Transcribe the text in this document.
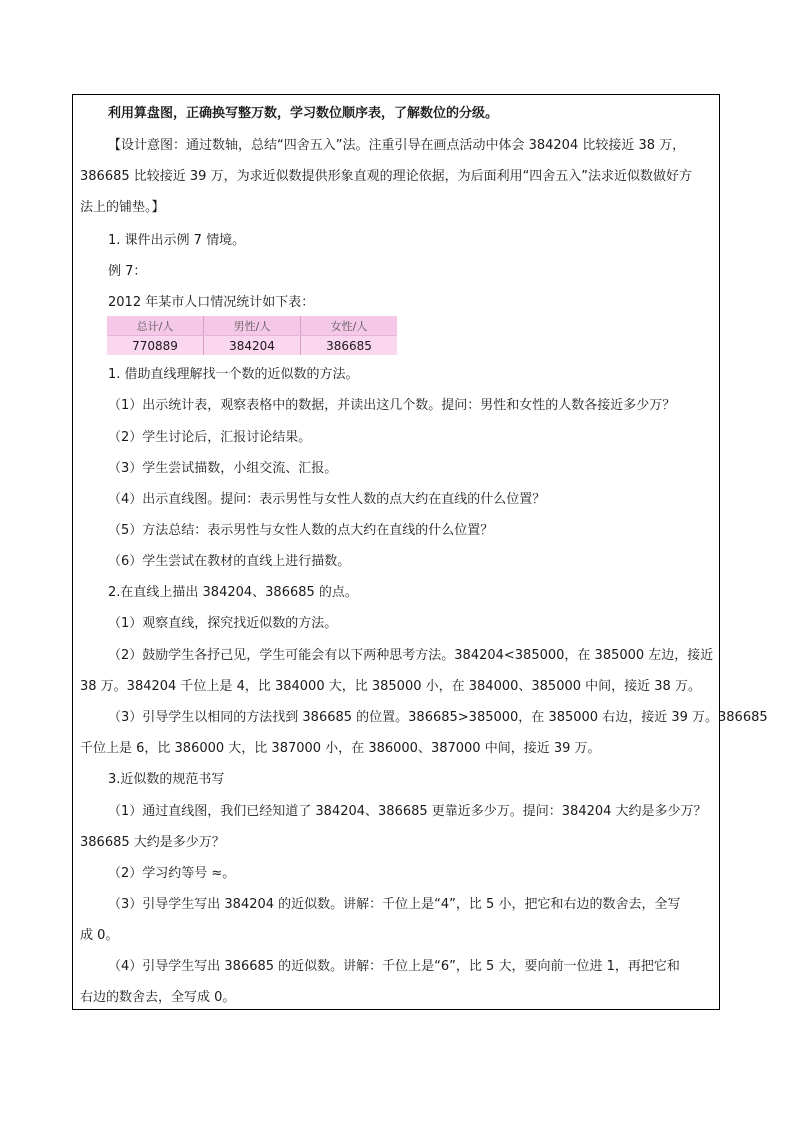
利用算盘图，正确换写整万数，学习数位顺序表，了解数位的分级。
【设计意图：通过数轴，总结“四舍五入”法。注重引导在画点活动中体会 384204 比较接近 38 万，
386685 比较接近 39 万，为求近似数提供形象直观的理论依据，为后面利用“四舍五入”法求近似数做好方
法上的铺垫。】
1. 课件出示例 7 情境。
例 7：
2012 年某市人口情况统计如下表：
1. 借助直线理解找一个数的近似数的方法。
（1）出示统计表，观察表格中的数据，并读出这几个数。提问：男性和女性的人数各接近多少万？
（2）学生讨论后，汇报讨论结果。
（3）学生尝试描数，小组交流、汇报。
（4）出示直线图。提问：表示男性与女性人数的点大约在直线的什么位置？
（5）方法总结：表示男性与女性人数的点大约在直线的什么位置？
（6）学生尝试在教材的直线上进行描数。
2.在直线上描出 384204、386685 的点。
（1）观察直线，探究找近似数的方法。
（2）鼓励学生各抒己见，学生可能会有以下两种思考方法。384204<385000，在 385000 左边，接近
38 万。384204 千位上是 4，比 384000 大，比 385000 小，在 384000、385000 中间，接近 38 万。
（3）引导学生以相同的方法找到 386685 的位置。386685>385000，在 385000 右边，接近 39 万。386685
千位上是 6，比 386000 大，比 387000 小，在 386000、387000 中间，接近 39 万。
3.近似数的规范书写
（1）通过直线图，我们已经知道了 384204、386685 更靠近多少万。提问：384204 大约是多少万？
386685 大约是多少万？
（2）学习约等号 ≈。
（3）引导学生写出 384204 的近似数。讲解：千位上是“4”，比 5 小，把它和右边的数舍去，全写
成 0。
（4）引导学生写出 386685 的近似数。讲解：千位上是“6”，比 5 大，要向前一位进 1，再把它和
右边的数舍去，全写成 0。
总计/人	男性/人	女性/人
770889	384204	386685
